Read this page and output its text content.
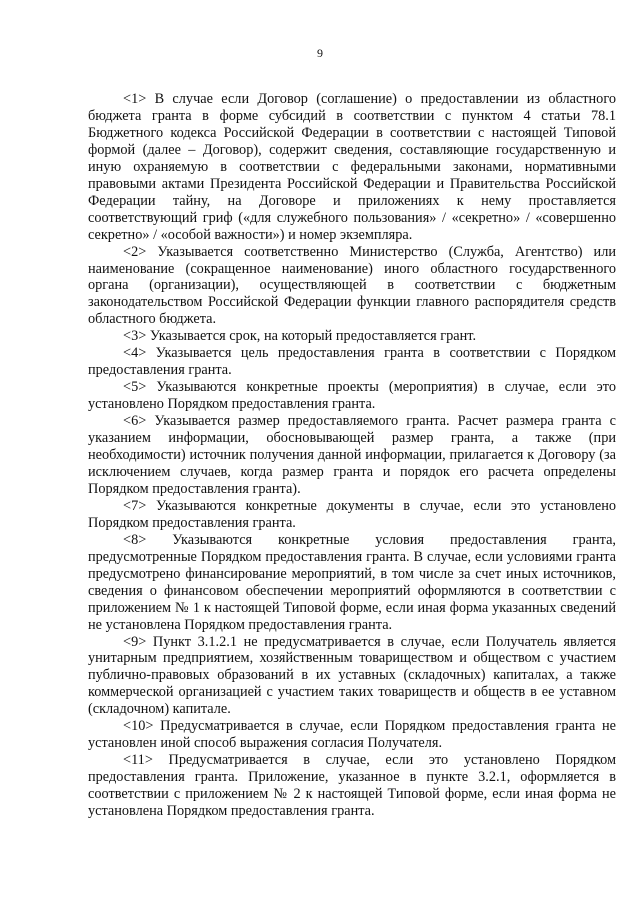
9

<1> В случае если Договор (соглашение) о предоставлении из областного бюджета гранта в форме субсидий в соответствии с пунктом 4 статьи 78.1 Бюджетного кодекса Российской Федерации в соответствии с настоящей Типовой формой (далее – Договор), содержит сведения, составляющие государственную и иную охраняемую в соответствии с федеральными законами, нормативными правовыми актами Президента Российской Федерации и Правительства Российской Федерации тайну, на Договоре и приложениях к нему проставляется соответствующий гриф («для служебного пользования» / «секретно» / «совершенно секретно» / «особой важности») и номер экземпляра.

<2> Указывается соответственно Министерство (Служба, Агентство) или наименование (сокращенное наименование) иного областного государственного органа (организации), осуществляющей в соответствии с бюджетным законодательством Российской Федерации функции главного распорядителя средств областного бюджета.

<3> Указывается срок, на который предоставляется грант.

<4> Указывается цель предоставления гранта в соответствии с Порядком предоставления гранта.

<5> Указываются конкретные проекты (мероприятия) в случае, если это установлено Порядком предоставления гранта.

<6> Указывается размер предоставляемого гранта. Расчет размера гранта с указанием информации, обосновывающей размер гранта, а также (при необходимости) источник получения данной информации, прилагается к Договору (за исключением случаев, когда размер гранта и порядок его расчета определены Порядком предоставления гранта).

<7> Указываются конкретные документы в случае, если это установлено Порядком предоставления гранта.

<8> Указываются конкретные условия предоставления гранта, предусмотренные Порядком предоставления гранта. В случае, если условиями гранта предусмотрено финансирование мероприятий, в том числе за счет иных источников, сведения о финансовом обеспечении мероприятий оформляются в соответствии с приложением № 1 к настоящей Типовой форме, если иная форма указанных сведений не установлена Порядком предоставления гранта.

<9> Пункт 3.1.2.1 не предусматривается в случае, если Получатель является унитарным предприятием, хозяйственным товариществом и обществом с участием публично-правовых образований в их уставных (складочных) капиталах, а также коммерческой организацией с участием таких товариществ и обществ в ее уставном (складочном) капитале.

<10> Предусматривается в случае, если Порядком предоставления гранта не установлен иной способ выражения согласия Получателя.

<11> Предусматривается в случае, если это установлено Порядком предоставления гранта. Приложение, указанное в пункте 3.2.1, оформляется в соответствии с приложением № 2 к настоящей Типовой форме, если иная форма не установлена Порядком предоставления гранта.
